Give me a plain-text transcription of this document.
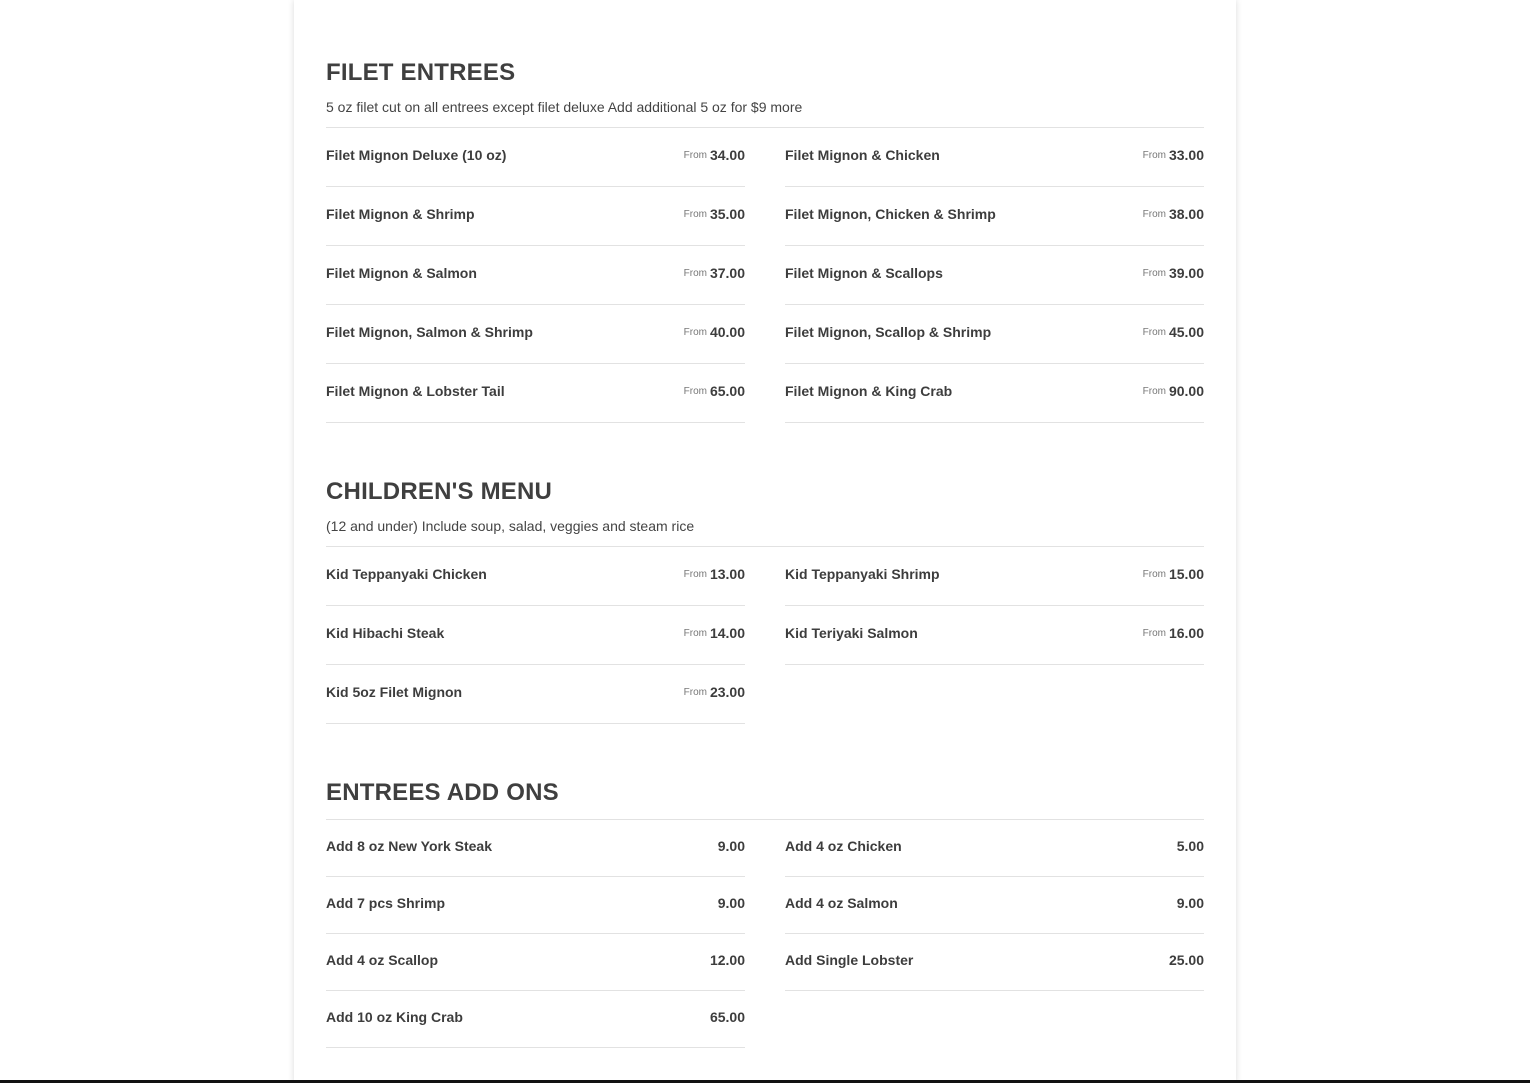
FILET ENTREES
5 oz filet cut on all entrees except filet deluxe Add additional 5 oz for $9 more
Filet Mignon Deluxe (10 oz)	From 34.00	Filet Mignon & Chicken	From 33.00
Filet Mignon & Shrimp	From 35.00	Filet Mignon, Chicken & Shrimp	From 38.00
Filet Mignon & Salmon	From 37.00	Filet Mignon & Scallops	From 39.00
Filet Mignon, Salmon & Shrimp	From 40.00	Filet Mignon, Scallop & Shrimp	From 45.00
Filet Mignon & Lobster Tail	From 65.00	Filet Mignon & King Crab	From 90.00
CHILDREN'S MENU
(12 and under) Include soup, salad, veggies and steam rice
Kid Teppanyaki Chicken	From 13.00	Kid Teppanyaki Shrimp	From 15.00
Kid Hibachi Steak	From 14.00	Kid Teriyaki Salmon	From 16.00
Kid 5oz Filet Mignon	From 23.00
ENTREES ADD ONS
Add 8 oz New York Steak	9.00	Add 4 oz Chicken	5.00
Add 7 pcs Shrimp	9.00	Add 4 oz Salmon	9.00
Add 4 oz Scallop	12.00	Add Single Lobster	25.00
Add 10 oz King Crab	65.00
